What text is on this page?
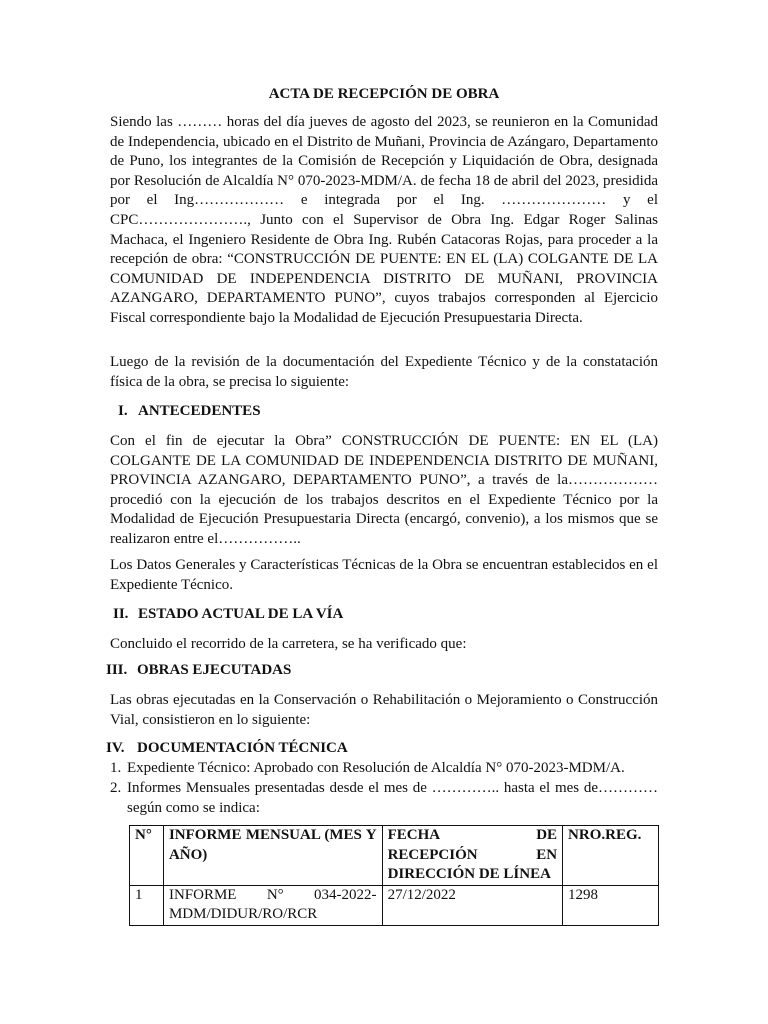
ACTA DE RECEPCIÓN DE OBRA

Siendo las ……… horas del día jueves de agosto del 2023, se reunieron en la Comunidad de Independencia, ubicado en el Distrito de Muñani, Provincia de Azángaro, Departamento de Puno, los integrantes de la Comisión de Recepción y Liquidación de Obra, designada por Resolución de Alcaldía N° 070-2023-MDM/A. de fecha 18 de abril del 2023, presidida por el Ing……………… e integrada por el Ing. ………………… y el CPC…………………., Junto con el Supervisor de Obra Ing. Edgar Roger Salinas Machaca, el Ingeniero Residente de Obra Ing. Rubén Catacoras Rojas, para proceder a la recepción de obra: “CONSTRUCCIÓN DE PUENTE: EN EL (LA) COLGANTE DE LA COMUNIDAD DE INDEPENDENCIA DISTRITO DE MUÑANI, PROVINCIA AZANGARO, DEPARTAMENTO PUNO”, cuyos trabajos corresponden al Ejercicio Fiscal correspondiente bajo la Modalidad de Ejecución Presupuestaria Directa.

Luego de la revisión de la documentación del Expediente Técnico y de la constatación física de la obra, se precisa lo siguiente:

I. ANTECEDENTES

Con el fin de ejecutar la Obra” CONSTRUCCIÓN DE PUENTE: EN EL (LA) COLGANTE DE LA COMUNIDAD DE INDEPENDENCIA DISTRITO DE MUÑANI, PROVINCIA AZANGARO, DEPARTAMENTO PUNO”, a través de la………………procedió con la ejecución de los trabajos descritos en el Expediente Técnico por la Modalidad de Ejecución Presupuestaria Directa (encargó, convenio), a los mismos que se realizaron entre el……………..

Los Datos Generales y Características Técnicas de la Obra se encuentran establecidos en el Expediente Técnico.

II. ESTADO ACTUAL DE LA VÍA

Concluido el recorrido de la carretera, se ha verificado que:

III. OBRAS EJECUTADAS

Las obras ejecutadas en la Conservación o Rehabilitación o Mejoramiento o Construcción Vial, consistieron en lo siguiente:

IV. DOCUMENTACIÓN TÉCNICA
1. Expediente Técnico: Aprobado con Resolución de Alcaldía N° 070-2023-MDM/A.
2. Informes Mensuales presentadas desde el mes de ………….. hasta el mes de………… según como se indica:
N°	INFORME MENSUAL (MES Y AÑO)	FECHA DE RECEPCIÓN EN DIRECCIÓN DE LÍNEA	NRO.REG.
1	INFORME N° 034-2022-MDM/DIDUR/RO/RCR	27/12/2022	1298
